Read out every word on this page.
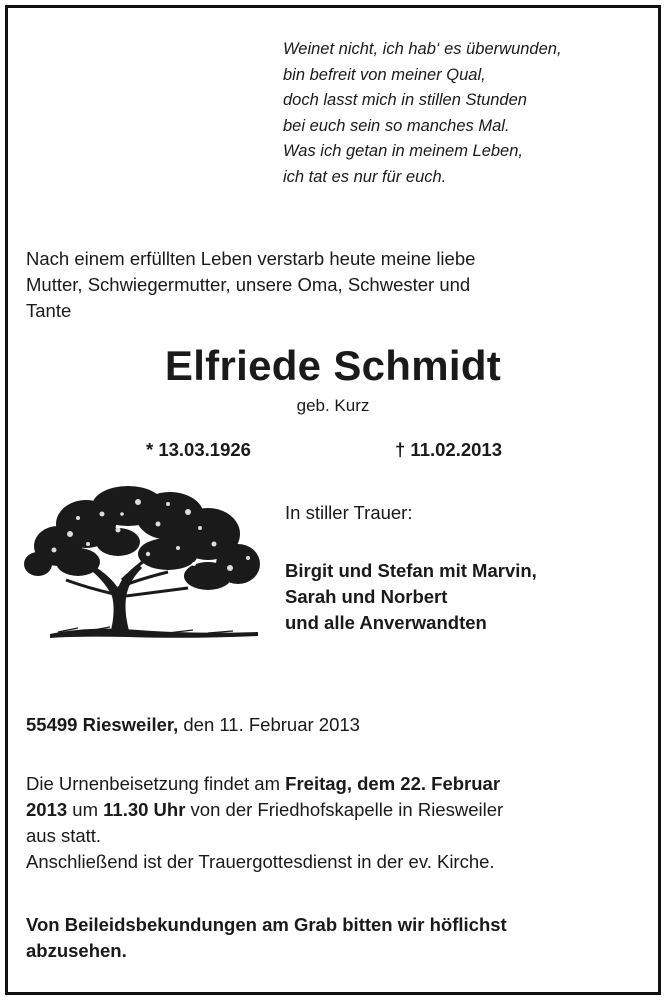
Weinet nicht, ich hab‘ es überwunden,
bin befreit von meiner Qual,
doch lasst mich in stillen Stunden
bei euch sein so manches Mal.
Was ich getan in meinem Leben,
ich tat es nur für euch.
Nach einem erfüllten Leben verstarb heute meine liebe
Mutter, Schwiegermutter, unsere Oma, Schwester und
Tante
Elfriede Schmidt
geb. Kurz
* 13.03.1926	† 11.02.2013
In stiller Trauer:
Birgit und Stefan mit Marvin,
Sarah und Norbert
und alle Anverwandten
55499 Riesweiler, den 11. Februar 2013
Die Urnenbeisetzung findet am Freitag, dem 22. Februar
2013 um 11.30 Uhr von der Friedhofskapelle in Riesweiler
aus statt.
Anschließend ist der Trauergottesdienst in der ev. Kirche.
Von Beileidsbekundungen am Grab bitten wir höflichst
abzusehen.
